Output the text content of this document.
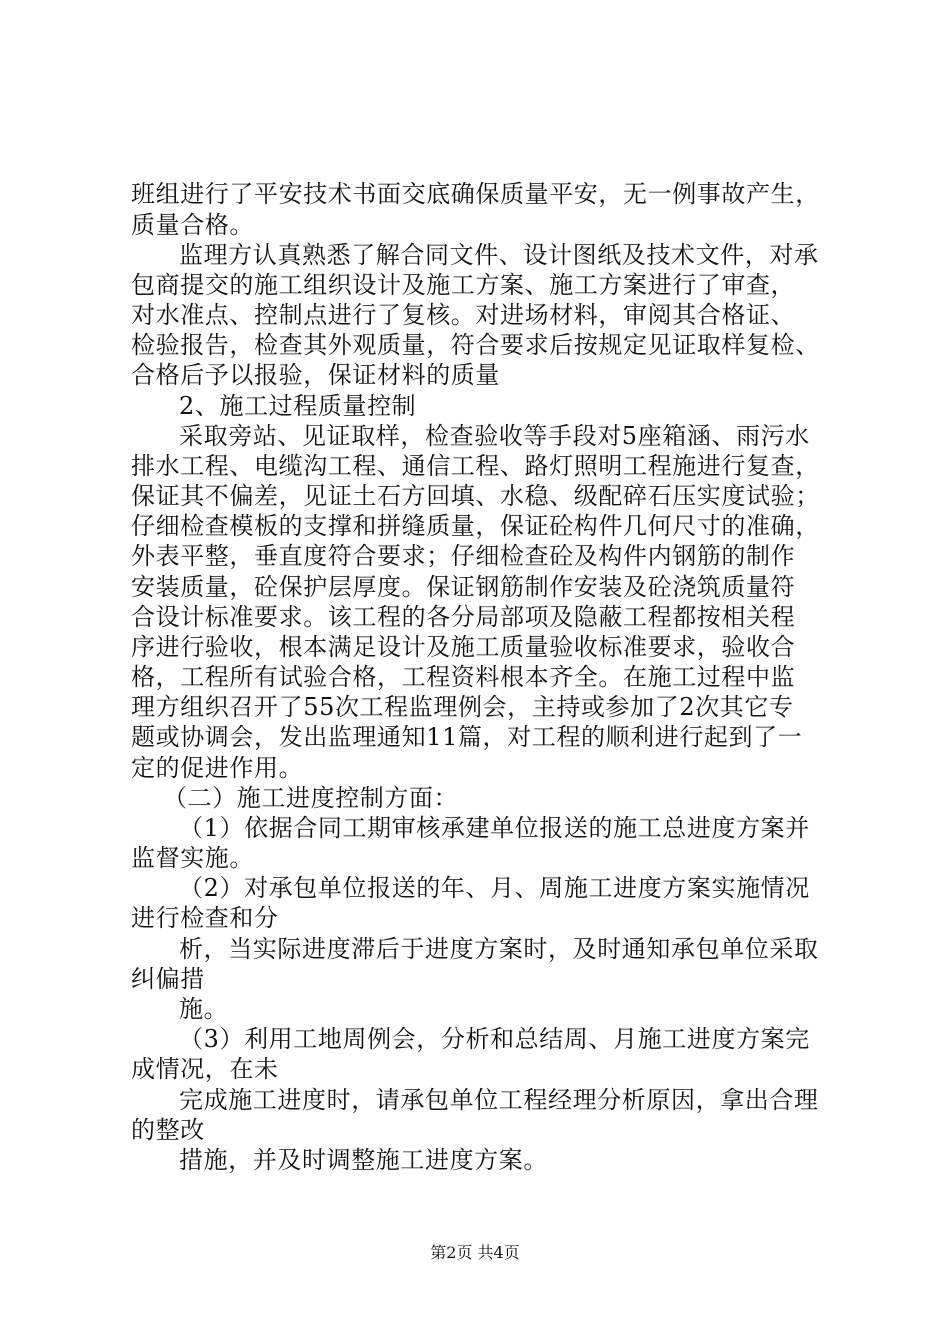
班组进行了平安技术书面交底确保质量平安，无一例事故产生，
质量合格。
监理方认真熟悉了解合同文件、设计图纸及技术文件，对承
包商提交的施工组织设计及施工方案、施工方案进行了审查，
对水准点、控制点进行了复核。对进场材料，审阅其合格证、
检验报告，检查其外观质量，符合要求后按规定见证取样复检、
合格后予以报验，保证材料的质量
2、施工过程质量控制
采取旁站、见证取样，检查验收等手段对5座箱涵、雨污水
排水工程、电缆沟工程、通信工程、路灯照明工程施进行复查，
保证其不偏差，见证土石方回填、水稳、级配碎石压实度试验；
仔细检查模板的支撑和拼缝质量，保证砼构件几何尺寸的准确，
外表平整，垂直度符合要求；仔细检查砼及构件内钢筋的制作
安装质量，砼保护层厚度。保证钢筋制作安装及砼浇筑质量符
合设计标准要求。该工程的各分局部项及隐蔽工程都按相关程
序进行验收，根本满足设计及施工质量验收标准要求，验收合
格，工程所有试验合格，工程资料根本齐全。在施工过程中监
理方组织召开了55次工程监理例会，主持或参加了2次其它专
题或协调会，发出监理通知11篇，对工程的顺利进行起到了一
定的促进作用。
（二）施工进度控制方面：
（1）依据合同工期审核承建单位报送的施工总进度方案并
监督实施。
（2）对承包单位报送的年、月、周施工进度方案实施情况
进行检查和分
析，当实际进度滞后于进度方案时，及时通知承包单位采取
纠偏措
施。
（3）利用工地周例会，分析和总结周、月施工进度方案完
成情况，在未
完成施工进度时，请承包单位工程经理分析原因，拿出合理
的整改
措施，并及时调整施工进度方案。
第2页 共4页
